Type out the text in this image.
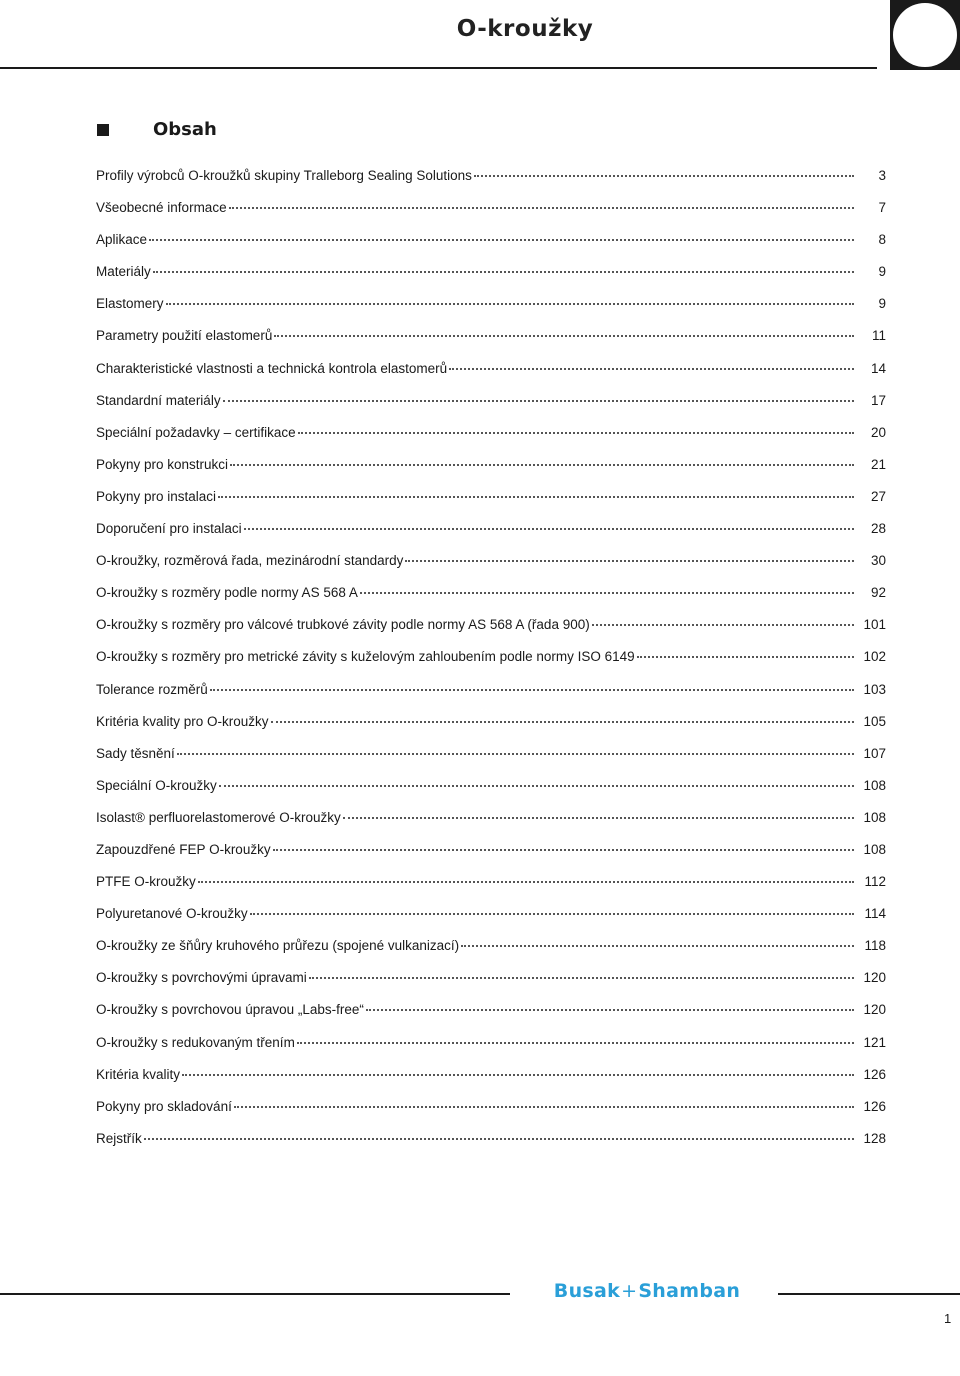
O-kroužky
Obsah
Profily výrobců O-kroužků skupiny Tralleborg Sealing Solutions	3
Všeobecné informace	7
Aplikace	8
Materiály	9
Elastomery	9
Parametry použití elastomerů	11
Charakteristické vlastnosti a technická kontrola elastomerů	14
Standardní materiály	17
Speciální požadavky – certifikace	20
Pokyny pro konstrukci	21
Pokyny pro instalaci	27
Doporučení pro instalaci	28
O-kroužky, rozměrová řada, mezinárodní standardy	30
O-kroužky s rozměry podle normy AS 568 A	92
O-kroužky s rozměry pro válcové trubkové závity podle normy AS 568 A (řada 900)	101
O-kroužky s rozměry pro metrické závity s kuželovým zahloubením podle normy ISO 6149	102
Tolerance rozměrů	103
Kritéria kvality pro O-kroužky	105
Sady těsnění	107
Speciální O-kroužky	108
Isolast® perfluorelastomerové O-kroužky	108
Zapouzdřené FEP O-kroužky	108
PTFE O-kroužky	112
Polyuretanové O-kroužky	114
O-kroužky ze šňůry kruhového průřezu (spojené vulkanizací)	118
O-kroužky s povrchovými úpravami	120
O-kroužky s povrchovou úpravou „Labs-free“	120
O-kroužky s redukovaným třením	121
Kritéria kvality	126
Pokyny pro skladování	126
Rejstřík	128
Busak + Shamban
1
